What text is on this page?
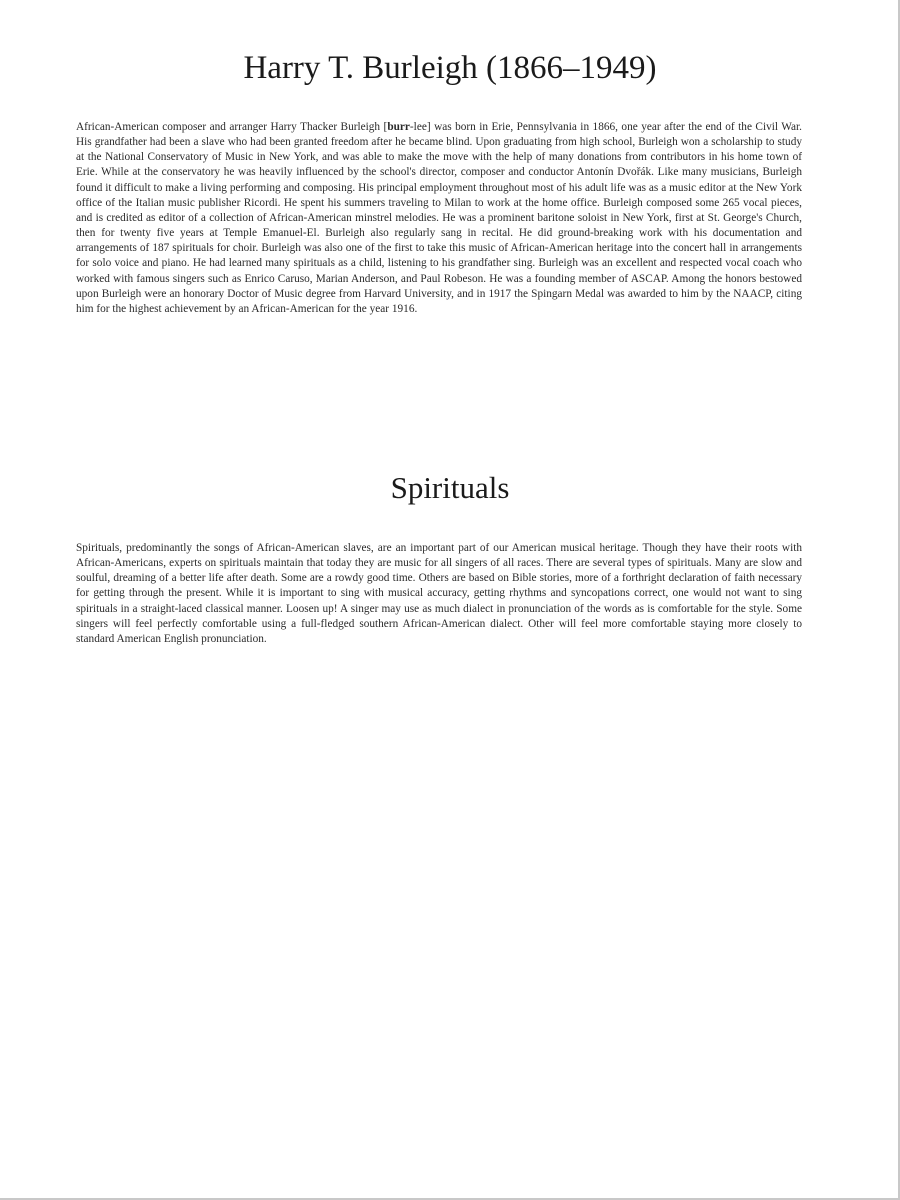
Harry T. Burleigh (1866–1949)

African-American composer and arranger Harry Thacker Burleigh [burr-lee] was born in Erie, Pennsylvania in 1866, one year after the end of the Civil War. His grandfather had been a slave who had been granted freedom after he became blind. Upon graduating from high school, Burleigh won a scholarship to study at the National Conservatory of Music in New York, and was able to make the move with the help of many donations from contributors in his home town of Erie. While at the conservatory he was heavily influenced by the school's director, composer and conductor Antonín Dvořák. Like many musicians, Burleigh found it difficult to make a living performing and composing. His principal employment throughout most of his adult life was as a music editor at the New York office of the Italian music publisher Ricordi. He spent his summers traveling to Milan to work at the home office. Burleigh composed some 265 vocal pieces, and is credited as editor of a collection of African-American minstrel melodies. He was a prominent baritone soloist in New York, first at St. George's Church, then for twenty five years at Temple Emanuel-El. Burleigh also regularly sang in recital. He did ground-breaking work with his documentation and arrangements of 187 spirituals for choir. Burleigh was also one of the first to take this music of African-American heritage into the concert hall in arrangements for solo voice and piano. He had learned many spirituals as a child, listening to his grandfather sing. Burleigh was an excellent and respected vocal coach who worked with famous singers such as Enrico Caruso, Marian Anderson, and Paul Robeson. He was a founding member of ASCAP. Among the honors bestowed upon Burleigh were an honorary Doctor of Music degree from Harvard University, and in 1917 the Spingarn Medal was awarded to him by the NAACP, citing him for the highest achievement by an African-American for the year 1916.

Spirituals

Spirituals, predominantly the songs of African-American slaves, are an important part of our American musical heritage. Though they have their roots with African-Americans, experts on spirituals maintain that today they are music for all singers of all races. There are several types of spirituals. Many are slow and soulful, dreaming of a better life after death. Some are a rowdy good time. Others are based on Bible stories, more of a forthright declaration of faith necessary for getting through the present. While it is important to sing with musical accuracy, getting rhythms and syncopations correct, one would not want to sing spirituals in a straight-laced classical manner. Loosen up! A singer may use as much dialect in pronunciation of the words as is comfortable for the style. Some singers will feel perfectly comfortable using a full-fledged southern African-American dialect. Other will feel more comfortable staying more closely to standard American English pronunciation.
